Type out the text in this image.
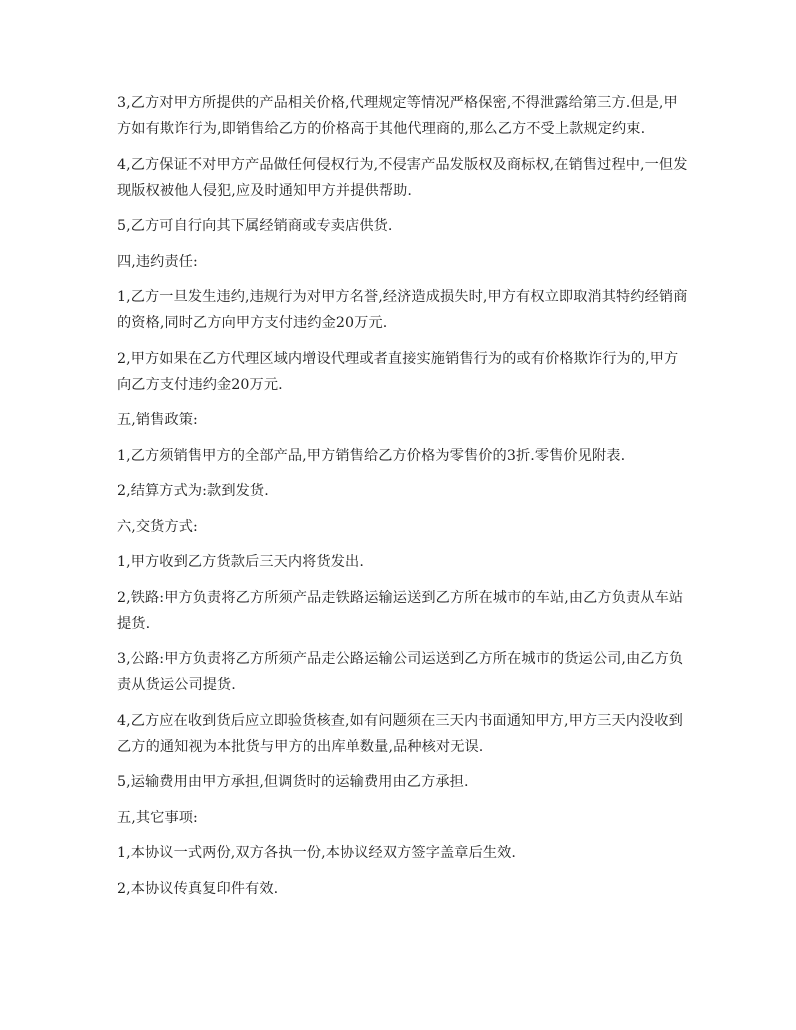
3,乙方对甲方所提供的产品相关价格,代理规定等情况严格保密,不得泄露给第三方.但是,甲方如有欺诈行为,即销售给乙方的价格高于其他代理商的,那么乙方不受上款规定约束.

4,乙方保证不对甲方产品做任何侵权行为,不侵害产品发版权及商标权,在销售过程中,一但发现版权被他人侵犯,应及时通知甲方并提供帮助.

5,乙方可自行向其下属经销商或专卖店供货.

四,违约责任:

1,乙方一旦发生违约,违规行为对甲方名誉,经济造成损失时,甲方有权立即取消其特约经销商的资格,同时乙方向甲方支付违约金20万元.

2,甲方如果在乙方代理区域内增设代理或者直接实施销售行为的或有价格欺诈行为的,甲方向乙方支付违约金20万元.

五,销售政策:

1,乙方须销售甲方的全部产品,甲方销售给乙方价格为零售价的3折.零售价见附表.

2,结算方式为:款到发货.

六,交货方式:

1,甲方收到乙方货款后三天内将货发出.

2,铁路:甲方负责将乙方所须产品走铁路运输运送到乙方所在城市的车站,由乙方负责从车站提货.

3,公路:甲方负责将乙方所须产品走公路运输公司运送到乙方所在城市的货运公司,由乙方负责从货运公司提货.

4,乙方应在收到货后应立即验货核查,如有问题须在三天内书面通知甲方,甲方三天内没收到乙方的通知视为本批货与甲方的出库单数量,品种核对无误.

5,运输费用由甲方承担,但调货时的运输费用由乙方承担.

五,其它事项:

1,本协议一式两份,双方各执一份,本协议经双方签字盖章后生效.

2,本协议传真复印件有效.
